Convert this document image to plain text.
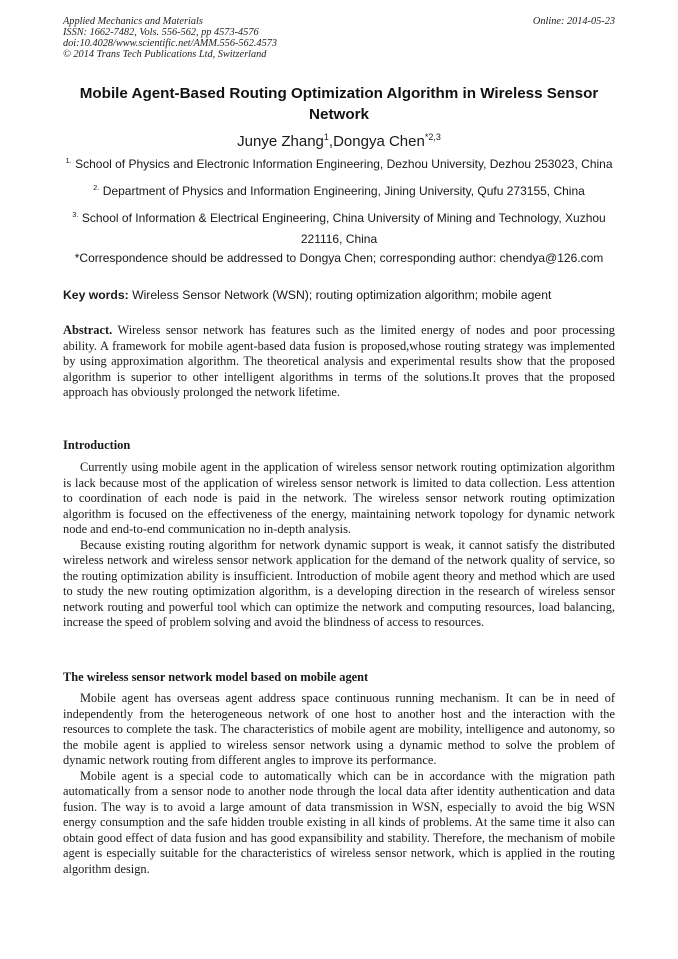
Applied Mechanics and Materials
ISSN: 1662-7482, Vols. 556-562, pp 4573-4576
doi:10.4028/www.scientific.net/AMM.556-562.4573
© 2014 Trans Tech Publications Ltd, Switzerland
Online: 2014-05-23
Mobile Agent-Based Routing Optimization Algorithm in Wireless Sensor Network
Junye Zhang$^1$,Dongya Chen$^{*2,3}$
$^{1.}$ School of Physics and Electronic Information Engineering, Dezhou University, Dezhou 253023, China
$^{2.}$ Department of Physics and Information Engineering, Jining University, Qufu 273155, China
$^{3.}$ School of Information & Electrical Engineering, China University of Mining and Technology, Xuzhou 221116, China
*Correspondence should be addressed to Dongya Chen; corresponding author: chendya@126.com
Key words: Wireless Sensor Network (WSN); routing optimization algorithm; mobile agent

Abstract. Wireless sensor network has features such as the limited energy of nodes and poor processing ability. A framework for mobile agent-based data fusion is proposed,whose routing strategy was implemented by using approximation algorithm. The theoretical analysis and experimental results show that the proposed algorithm is superior to other intelligent algorithms in terms of the solutions.It proves that the proposed approach has obviously prolonged the network lifetime.

Introduction

Currently using mobile agent in the application of wireless sensor network routing optimization algorithm is lack because most of the application of wireless sensor network is limited to data collection. Less attention to coordination of each node is paid in the network. The wireless sensor network routing optimization algorithm is focused on the effectiveness of the energy, maintaining network topology for dynamic network node and end-to-end communication no in-depth analysis.

Because existing routing algorithm for network dynamic support is weak, it cannot satisfy the distributed wireless network and wireless sensor network application for the demand of the network quality of service, so the routing optimization ability is insufficient. Introduction of mobile agent theory and method which are used to study the new routing optimization algorithm, is a developing direction in the research of wireless sensor network routing and powerful tool which can optimize the network and computing resources, load balancing, increase the speed of problem solving and avoid the blindness of access to resources.

The wireless sensor network model based on mobile agent

Mobile agent has overseas agent address space continuous running mechanism. It can be in need of independently from the heterogeneous network of one host to another host and the interaction with the resources to complete the task. The characteristics of mobile agent are mobility, intelligence and autonomy, so the mobile agent is applied to wireless sensor network using a dynamic method to solve the problem of dynamic network routing from different angles to improve its performance.

Mobile agent is a special code to automatically which can be in accordance with the migration path automatically from a sensor node to another node through the local data after identity authentication and data fusion. The way is to avoid a large amount of data transmission in WSN, especially to avoid the big WSN energy consumption and the safe hidden trouble existing in all kinds of problems. At the same time it also can obtain good effect of data fusion and has good expansibility and stability. Therefore, the mechanism of mobile agent is especially suitable for the characteristics of wireless sensor network, which is applied in the routing algorithm design.
